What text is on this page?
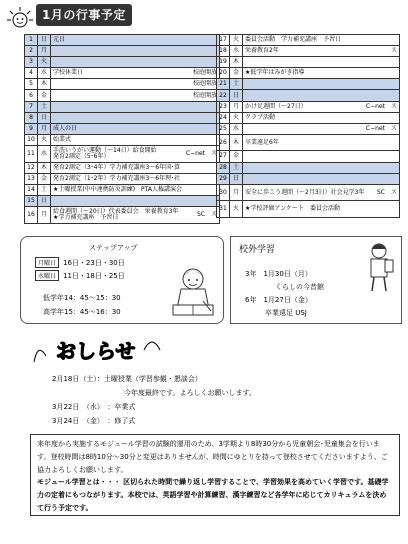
1月の行事予定
1	日	元日
2	月	
3	火	
4	水	学校休業日 校庭開放

5	木	校庭開放

6	金	校庭開放

7	土	
8	日	
9	月	成人の日
10	火	始業式
11	水	手洗いうがい運動（～14日）給食開始
発育2測定（5･6年） C−net　ス

12	木	発育2測定（3･4年）学力補充講座3～6年国･算
13	金	発育2測定（1･2年）学力補充講座3～6年理･社
14	土	★土曜授業(中中連携防災訓練)　PTA人権講演会
15	日	
16	月	給食週間（～20日）代表委員会　栄養教育3年
★学力補充講座　予習日 SC　ス
17	火	委員会活動　学力補充講座　予習日
18	水	栄養教育2年 ス

19	木	
20	金	★低学年はみがき指導
21	土	
22	日	
23	月	かけ足週間（～27日） C−net　ス

24	火	クラブ活動
25	水	C−net　ス

26	木	卒業遠足6年
27	金	
28	土	
29	日	
30	月	安全に歩こう週間（～2月3日）社会見学3年 SC　ス

31	火	★学校評価アンケート　委員会活動
ステップアップ
月曜日 16日・23日・30日
水曜日 11日・18日・25日
低学年14：45～15：30
高学年15：45～16：30
校外学習
3年　1月30日（月）
くらしの今昔館
6年　1月27日（金）
卒業遠足 USJ
おしらせ
2月18日（土）：土曜授業（学習参観・懇談会）
今年度最終です。よろしくお願いします。
3月22日　（水）　：卒業式
3月24日　（金）　：修了式

来年度から実施するモジュール学習の試験的運用のため、3学期より8時30分から児童朝会･児童集会を行います。登校時間は8時10分～30分と変更はありませんが、時間にゆとりを持って登校させてくださいますよう、ご協力よろしくお願いします。

モジュール学習とは・・・ 区切られた時間で繰り返し学習することで、学習効果を高めていく学習です。基礎学力の定着にもつながります。本校では、英語学習や計算練習、漢字練習など各学年に応じてカリキュラムを決めて行う予定です。
